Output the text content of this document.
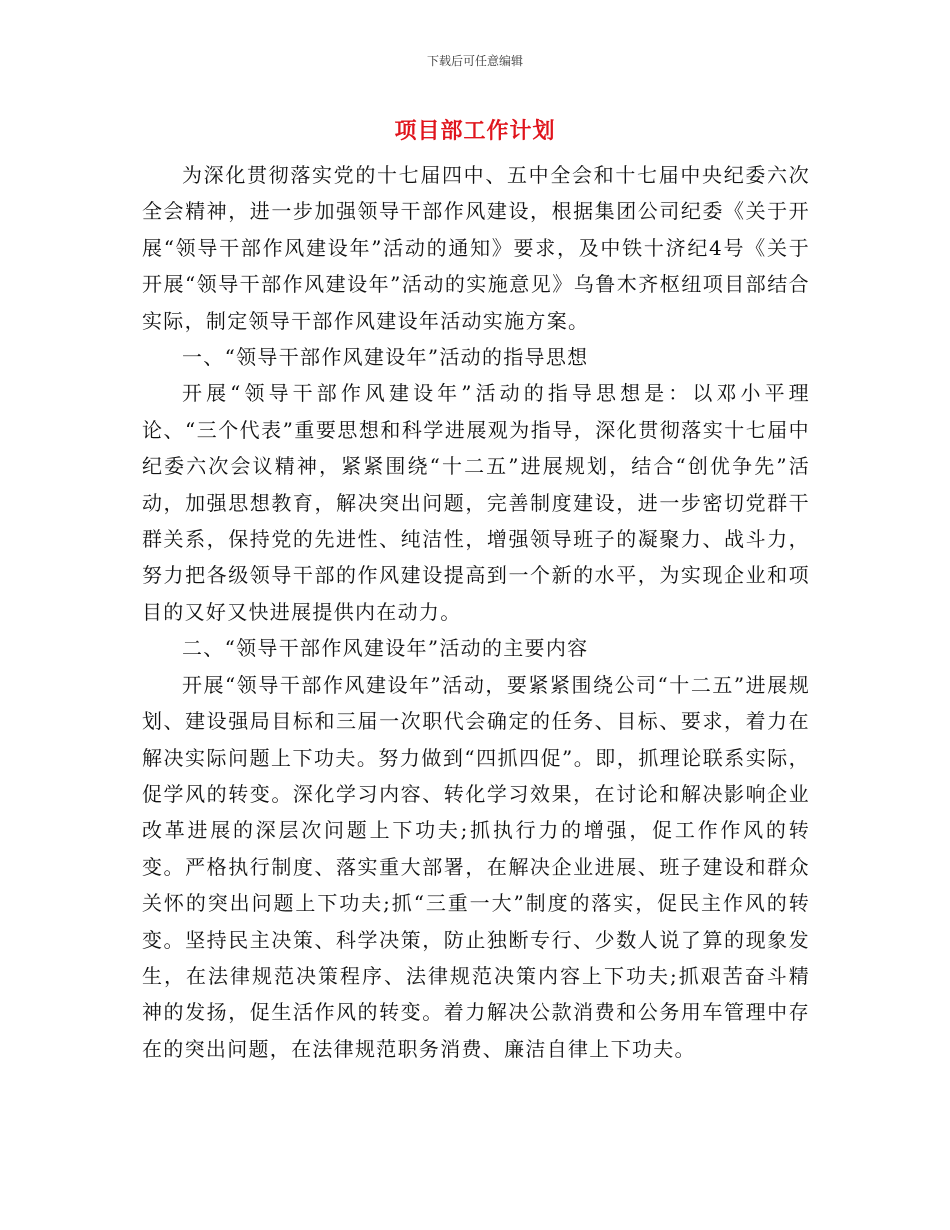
下载后可任意编辑
项目部工作计划

为深化贯彻落实党的十七届四中、五中全会和十七届中央纪委六次全会精神，进一步加强领导干部作风建设，根据集团公司纪委《关于开展“领导干部作风建设年”活动的通知》要求，及中铁十济纪4号《关于开展“领导干部作风建设年”活动的实施意见》乌鲁木齐枢纽项目部结合实际，制定领导干部作风建设年活动实施方案。

一、“领导干部作风建设年”活动的指导思想

开展“领导干部作风建设年”活动的指导思想是：以邓小平理论、“三个代表”重要思想和科学进展观为指导，深化贯彻落实十七届中纪委六次会议精神，紧紧围绕“十二五”进展规划，结合“创优争先”活动，加强思想教育，解决突出问题，完善制度建设，进一步密切党群干群关系，保持党的先进性、纯洁性，增强领导班子的凝聚力、战斗力，努力把各级领导干部的作风建设提高到一个新的水平，为实现企业和项目的又好又快进展提供内在动力。

二、“领导干部作风建设年”活动的主要内容

开展“领导干部作风建设年”活动，要紧紧围绕公司“十二五”进展规划、建设强局目标和三届一次职代会确定的任务、目标、要求，着力在解决实际问题上下功夫。努力做到“四抓四促”。即，抓理论联系实际，促学风的转变。深化学习内容、转化学习效果，在讨论和解决影响企业改革进展的深层次问题上下功夫;抓执行力的增强，促工作作风的转变。严格执行制度、落实重大部署，在解决企业进展、班子建设和群众关怀的突出问题上下功夫;抓“三重一大”制度的落实，促民主作风的转变。坚持民主决策、科学决策，防止独断专行、少数人说了算的现象发生，在法律规范决策程序、法律规范决策内容上下功夫;抓艰苦奋斗精神的发扬，促生活作风的转变。着力解决公款消费和公务用车管理中存在的突出问题，在法律规范职务消费、廉洁自律上下功夫。
